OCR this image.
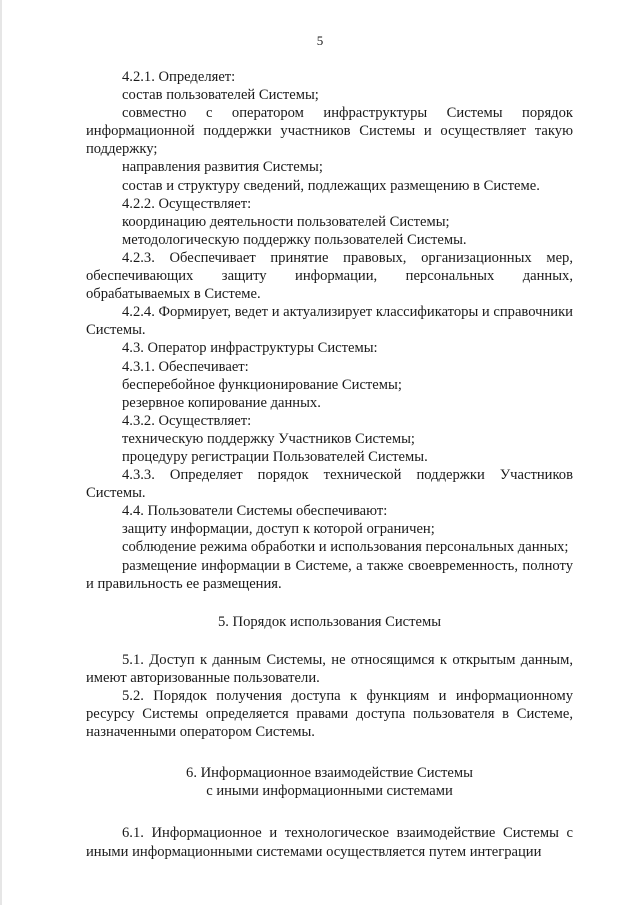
5

4.2.1. Определяет:

состав пользователей Системы;

совместно с оператором инфраструктуры Системы порядок информационной поддержки участников Системы и осуществляет такую поддержку;

направления развития Системы;

состав и структуру сведений, подлежащих размещению в Системе.

4.2.2. Осуществляет:

координацию деятельности пользователей Системы;

методологическую поддержку пользователей Системы.

4.2.3. Обеспечивает принятие правовых, организационных мер, обеспечивающих защиту информации, персональных данных, обрабатываемых в Системе.

4.2.4. Формирует, ведет и актуализирует классификаторы и справочники Системы.

4.3. Оператор инфраструктуры Системы:

4.3.1. Обеспечивает:

бесперебойное функционирование Системы;

резервное копирование данных.

4.3.2. Осуществляет:

техническую поддержку Участников Системы;

процедуру регистрации Пользователей Системы.

4.3.3. Определяет порядок технической поддержки Участников Системы.

4.4. Пользователи Системы обеспечивают:

защиту информации, доступ к которой ограничен;

соблюдение режима обработки и использования персональных данных;

размещение информации в Системе, а также своевременность, полноту и правильность ее размещения.

5. Порядок использования Системы

5.1. Доступ к данным Системы, не относящимся к открытым данным, имеют авторизованные пользователи.

5.2. Порядок получения доступа к функциям и информационному ресурсу Системы определяется правами доступа пользователя в Системе, назначенными оператором Системы.

6. Информационное взаимодействие Системы

с иными информационными системами

6.1. Информационное и технологическое взаимодействие Системы с иными информационными системами осуществляется путем интеграции
